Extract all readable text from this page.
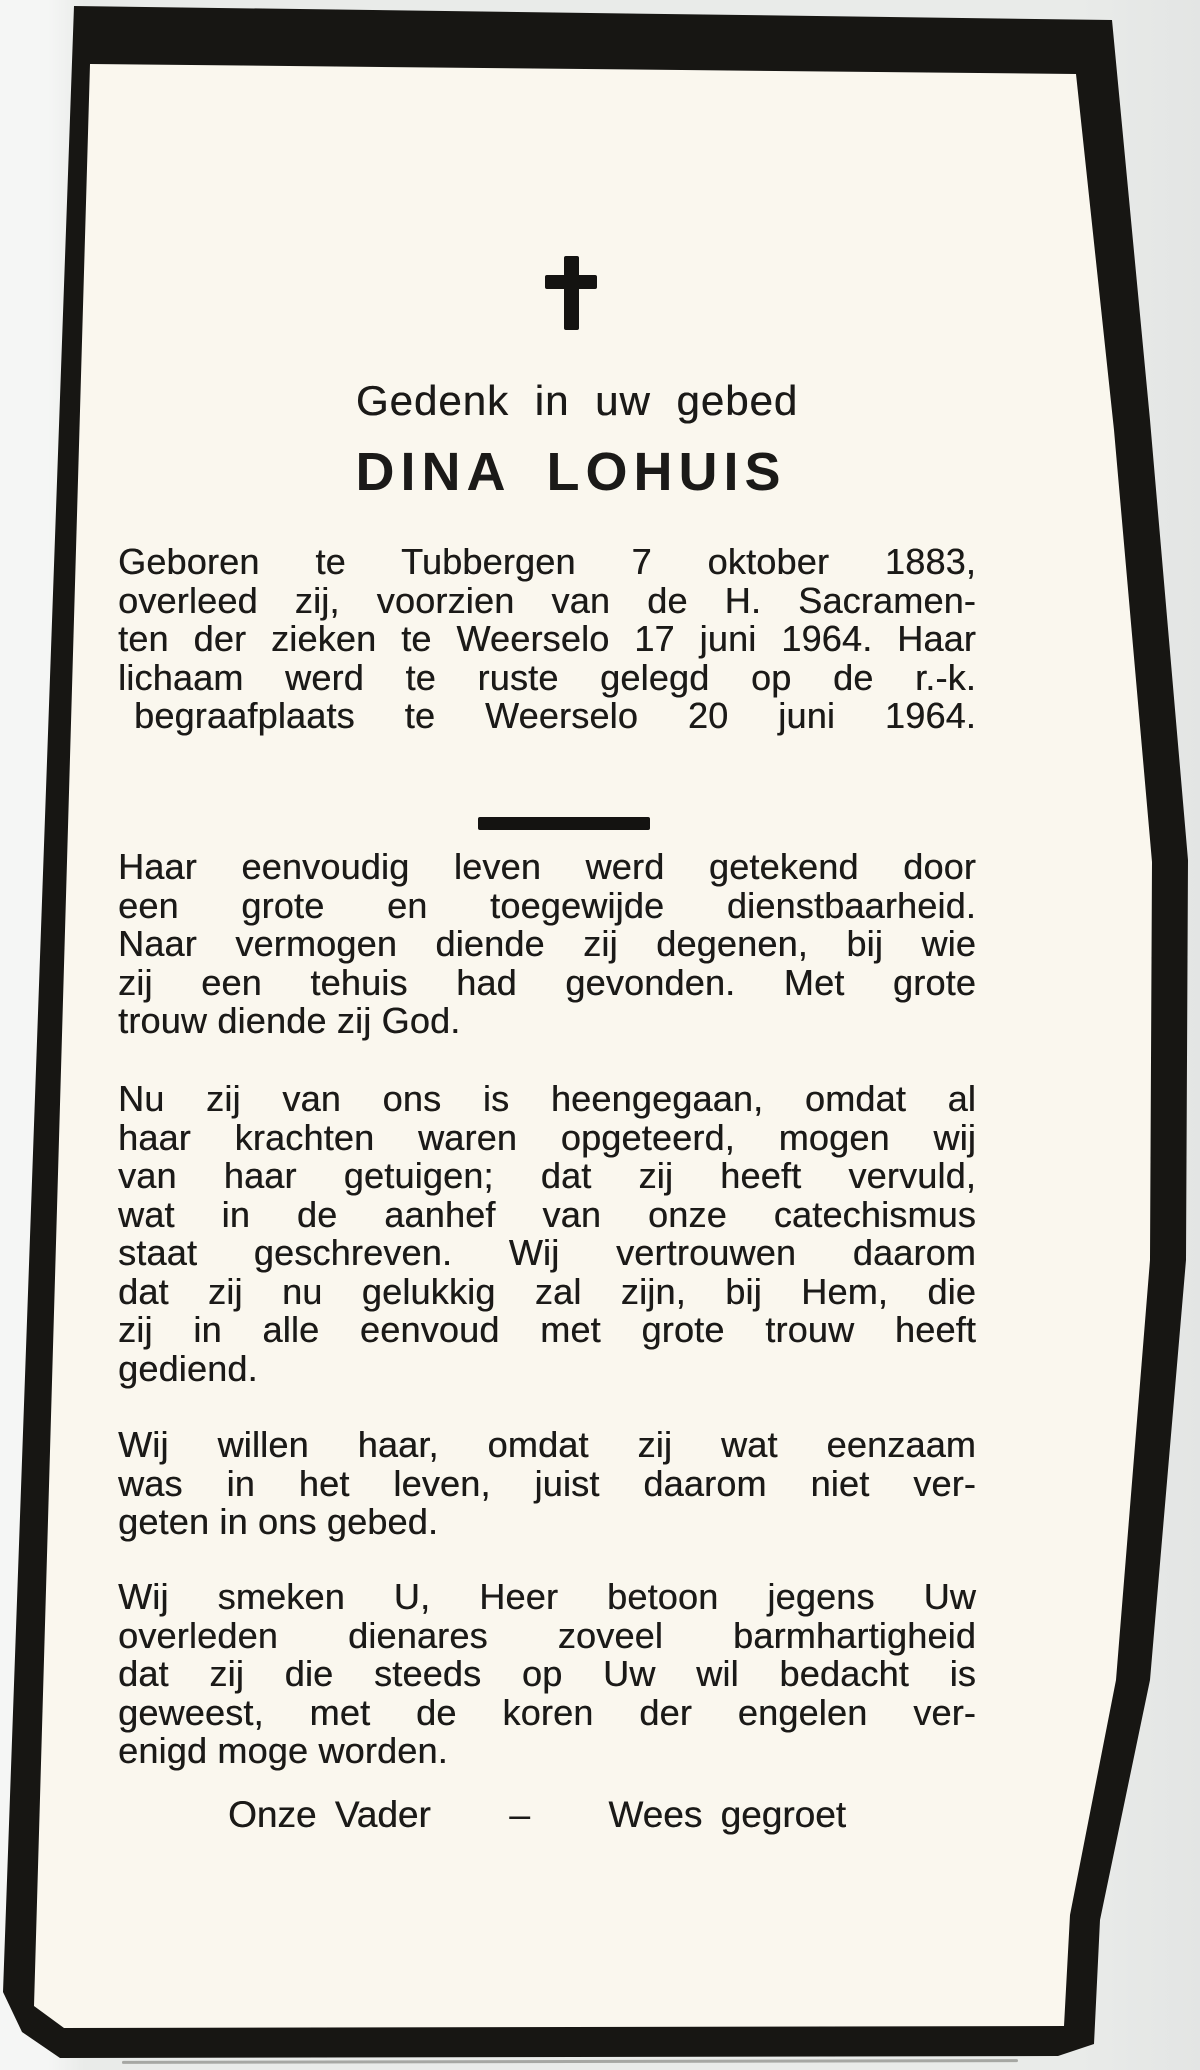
Gedenk in uw gebed
DINA LOHUIS
Geboren te Tubbergen 7 oktober 1883,
overleed zij, voorzien van de H. Sacramen-
ten der zieken te Weerselo 17 juni 1964. Haar
lichaam werd te ruste gelegd op de r.-k.
begraafplaats te Weerselo 20 juni 1964.
Haar eenvoudig leven werd getekend door
een grote en toegewijde dienstbaarheid.
Naar vermogen diende zij degenen, bij wie
zij een tehuis had gevonden. Met grote
trouw diende zij God.
Nu zij van ons is heengegaan, omdat al
haar krachten waren opgeteerd, mogen wij
van haar getuigen; dat zij heeft vervuld,
wat in de aanhef van onze catechismus
staat geschreven. Wij vertrouwen daarom
dat zij nu gelukkig zal zijn, bij Hem, die
zij in alle eenvoud met grote trouw heeft
gediend.
Wij willen haar, omdat zij wat eenzaam
was in het leven, juist daarom niet ver-
geten in ons gebed.
Wij smeken U, Heer betoon jegens Uw
overleden dienares zoveel barmhartigheid
dat zij die steeds op Uw wil bedacht is
geweest, met de koren der engelen ver-
enigd moge worden.
Onze Vader – Wees gegroet
